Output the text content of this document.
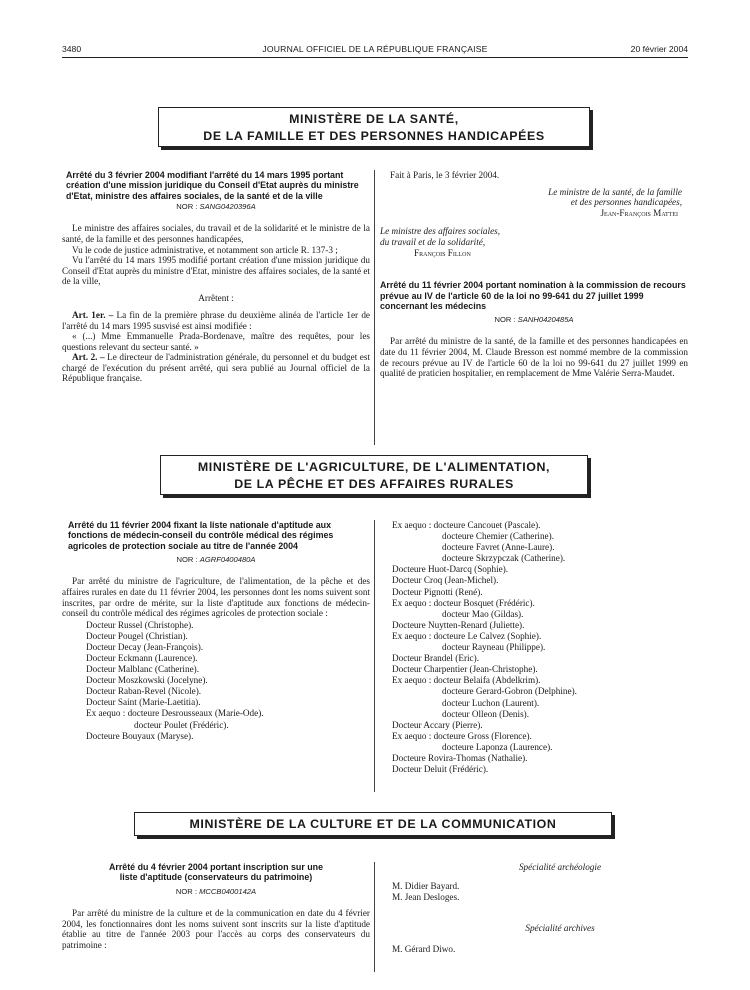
3480	JOURNAL OFFICIEL DE LA RÉPUBLIQUE FRANÇAISE	20 février 2004
MINISTÈRE DE LA SANTÉ,
DE LA FAMILLE ET DES PERSONNES HANDICAPÉES
Arrêté du 3 février 2004 modifiant l'arrêté du 14 mars 1995 portant création d'une mission juridique du Conseil d'Etat auprès du ministre d'Etat, ministre des affaires sociales, de la santé et de la ville
NOR : SANG0420396A

Le ministre des affaires sociales, du travail et de la solidarité et le ministre de la santé, de la famille et des personnes handicapées,

Vu le code de justice administrative, et notamment son article R. 137-3 ;

Vu l'arrêté du 14 mars 1995 modifié portant création d'une mission juridique du Conseil d'Etat auprès du ministre d'Etat, ministre des affaires sociales, de la santé et de la ville,

Arrêtent :

Art. 1er. – La fin de la première phrase du deuxième alinéa de l'article 1er de l'arrêté du 14 mars 1995 susvisé est ainsi modifiée :

« (...) Mme Emmanuelle Prada-Bordenave, maître des requêtes, pour les questions relevant du secteur santé. »

Art. 2. – Le directeur de l'administration générale, du personnel et du budget est chargé de l'exécution du présent arrêté, qui sera publié au Journal officiel de la République française.

Fait à Paris, le 3 février 2004.

Le ministre de la santé, de la famille
et des personnes handicapées,
Jean-François Mattei
Le ministre des affaires sociales,
du travail et de la solidarité,
François Fillon
Arrêté du 11 février 2004 portant nomination à la commission de recours prévue au IV de l'article 60 de la loi no 99-641 du 27 juillet 1999 concernant les médecins
NOR : SANH0420485A

Par arrêté du ministre de la santé, de la famille et des personnes handicapées en date du 11 février 2004, M. Claude Bresson est nommé membre de la commission de recours prévue au IV de l'article 60 de la loi no 99-641 du 27 juillet 1999 en qualité de praticien hospitalier, en remplacement de Mme Valérie Serra-Maudet.

MINISTÈRE DE L'AGRICULTURE, DE L'ALIMENTATION,
DE LA PÊCHE ET DES AFFAIRES RURALES
Arrêté du 11 février 2004 fixant la liste nationale d'aptitude aux fonctions de médecin-conseil du contrôle médical des régimes agricoles de protection sociale au titre de l'année 2004
NOR : AGRF0400480A

Par arrêté du ministre de l'agriculture, de l'alimentation, de la pêche et des affaires rurales en date du 11 février 2004, les personnes dont les noms suivent sont inscrites, par ordre de mérite, sur la liste d'aptitude aux fonctions de médecin-conseil du contrôle médical des régimes agricoles de protection sociale :

Docteur Russel (Christophe).
Docteur Pougel (Christian).
Docteur Decay (Jean-François).
Docteur Eckmann (Laurence).
Docteur Malblanc (Catherine).
Docteur Moszkowski (Jocelyne).
Docteur Raban-Revel (Nicole).
Docteur Saint (Marie-Laetitia).
Ex aequo : docteure Desrousseaux (Marie-Ode).
docteur Poulet (Frédéric).
Docteure Bouyaux (Maryse).
Ex aequo : docteure Cancouet (Pascale).
docteure Chemier (Catherine).
docteure Favret (Anne-Laure).
docteure Skrzypczak (Catherine).
Docteure Huot-Darcq (Sophie).
Docteur Croq (Jean-Michel).
Docteur Pignotti (René).
Ex aequo : docteur Bosquet (Frédéric).
docteur Mao (Gildas).
Docteure Nuytten-Renard (Juliette).
Ex aequo : docteure Le Calvez (Sophie).
docteur Rayneau (Philippe).
Docteur Brandel (Eric).
Docteur Charpentier (Jean-Christophe).
Ex aequo : docteur Belaifa (Abdelkrim).
docteure Gerard-Gobron (Delphine).
docteur Luchon (Laurent).
docteur Olleon (Denis).
Docteur Accary (Pierre).
Ex aequo : docteure Gross (Florence).
docteure Laponza (Laurence).
Docteure Rovira-Thomas (Nathalie).
Docteur Deluit (Frédéric).
MINISTÈRE DE LA CULTURE ET DE LA COMMUNICATION
Arrêté du 4 février 2004 portant inscription sur une liste d'aptitude (conservateurs du patrimoine)
NOR : MCCB0400142A

Par arrêté du ministre de la culture et de la communication en date du 4 février 2004, les fonctionnaires dont les noms suivent sont inscrits sur la liste d'aptitude établie au titre de l'année 2003 pour l'accès au corps des conservateurs du patrimoine :

Spécialité archéologie
M. Didier Bayard.
M. Jean Desloges.
Spécialité archives
M. Gérard Diwo.
